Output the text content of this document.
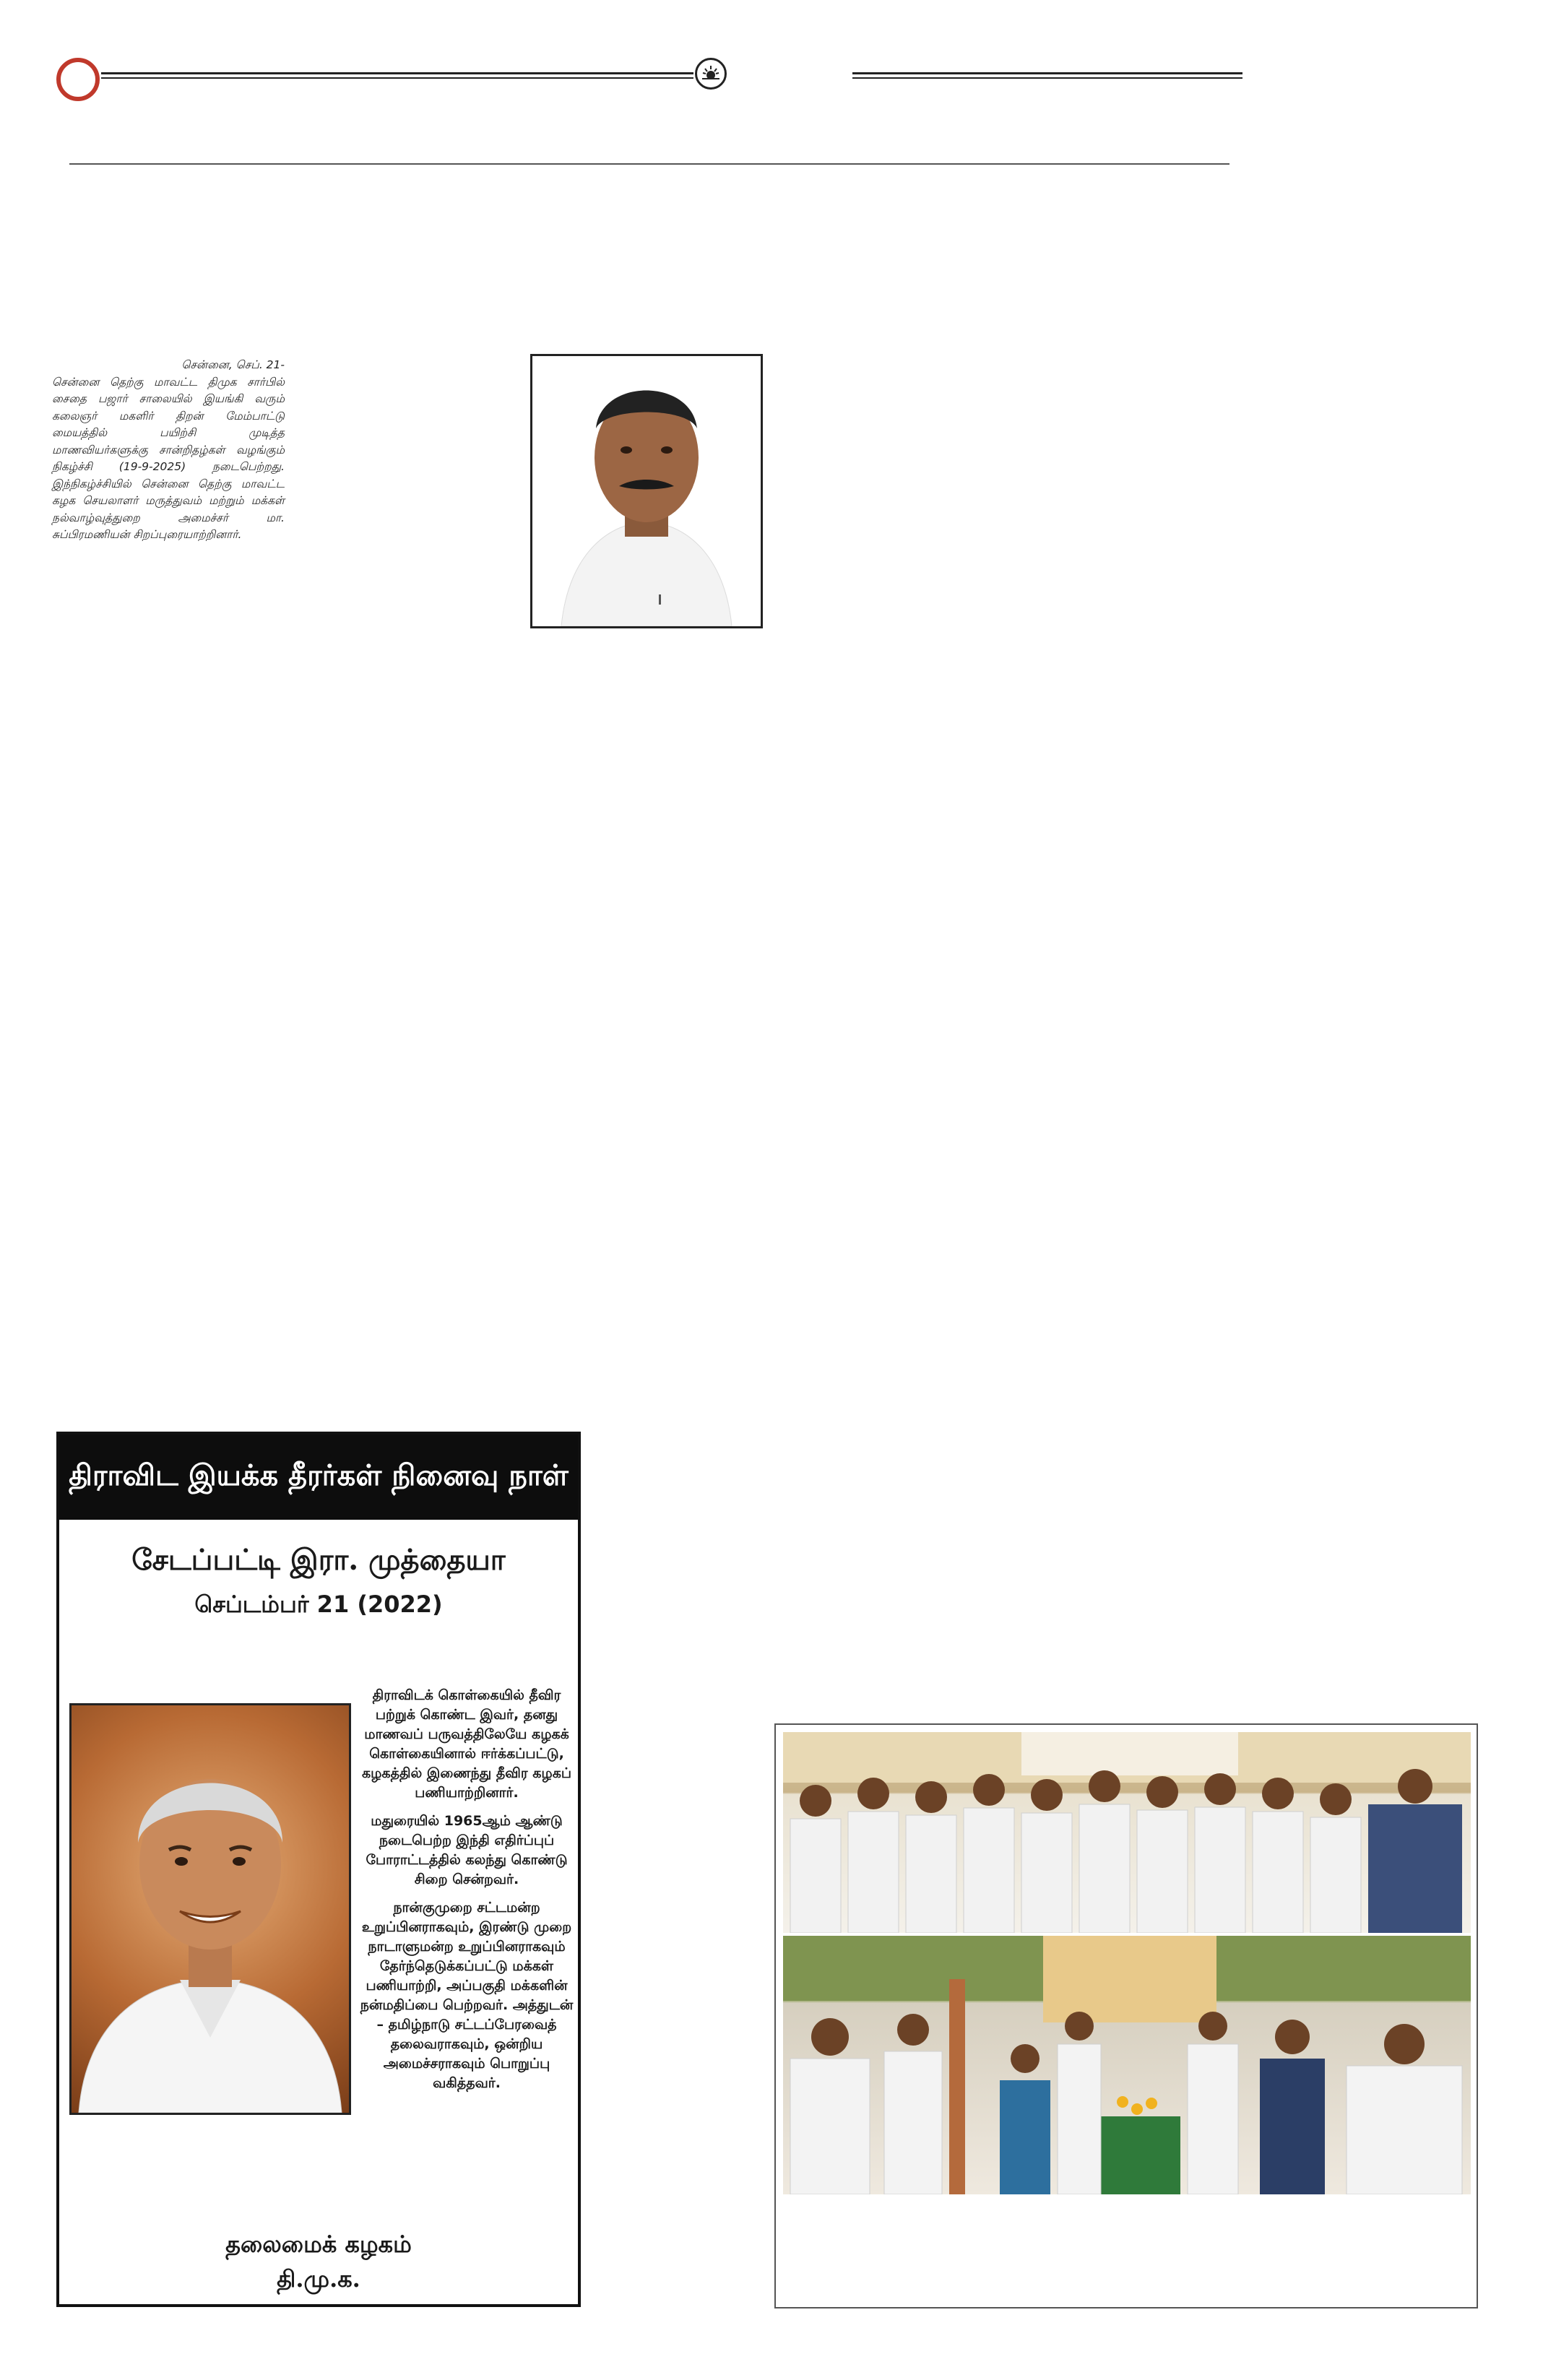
சென்னை, செப். 21-
சென்னை தெற்கு மாவட்ட திமுக சார்பில் சைதை பஜார் சாலையில் இயங்கி வரும் கலைஞர் மகளிர் திறன் மேம்பாட்டு மையத்தில் பயிற்சி முடித்த மாணவியர்களுக்கு சான்றிதழ்கள் வழங்கும் நிகழ்ச்சி (19-9-2025) நடைபெற்றது. இந்நிகழ்ச்சியில் சென்னை தெற்கு மாவட்ட கழக செயலாளர் மருத்துவம் மற்றும் மக்கள் நல்வாழ்வுத்துறை அமைச்சர் மா. சுப்பிரமணியன் சிறப்புரையாற்றினார்.
திராவிட இயக்க தீரர்கள் நினைவு நாள்
சேடப்பட்டி இரா. முத்தையா
செப்டம்பர் 21 (2022)

திராவிடக் கொள்கையில் தீவிர பற்றுக் கொண்ட இவர், தனது மாணவப் பருவத்திலேயே கழகக் கொள்கையினால் ஈர்க்கப்பட்டு, கழகத்தில் இணைந்து தீவிர கழகப் பணியாற்றினார்.

மதுரையில் 1965ஆம் ஆண்டு நடைபெற்ற இந்தி எதிர்ப்புப் போராட்டத்தில் கலந்து கொண்டு சிறை சென்றவர்.

நான்குமுறை சட்டமன்ற உறுப்பினராகவும், இரண்டு முறை நாடாளுமன்ற உறுப்பினராகவும் தேர்ந்தெடுக்கப்பட்டு மக்கள் பணியாற்றி, அப்பகுதி மக்களின் நன்மதிப்பை பெற்றவர். அத்துடன் – தமிழ்நாடு சட்டப்பேரவைத் தலைவராகவும், ஒன்றிய அமைச்சராகவும் பொறுப்பு வகித்தவர்.

தலைமைக் கழகம்
தி.மு.க.
